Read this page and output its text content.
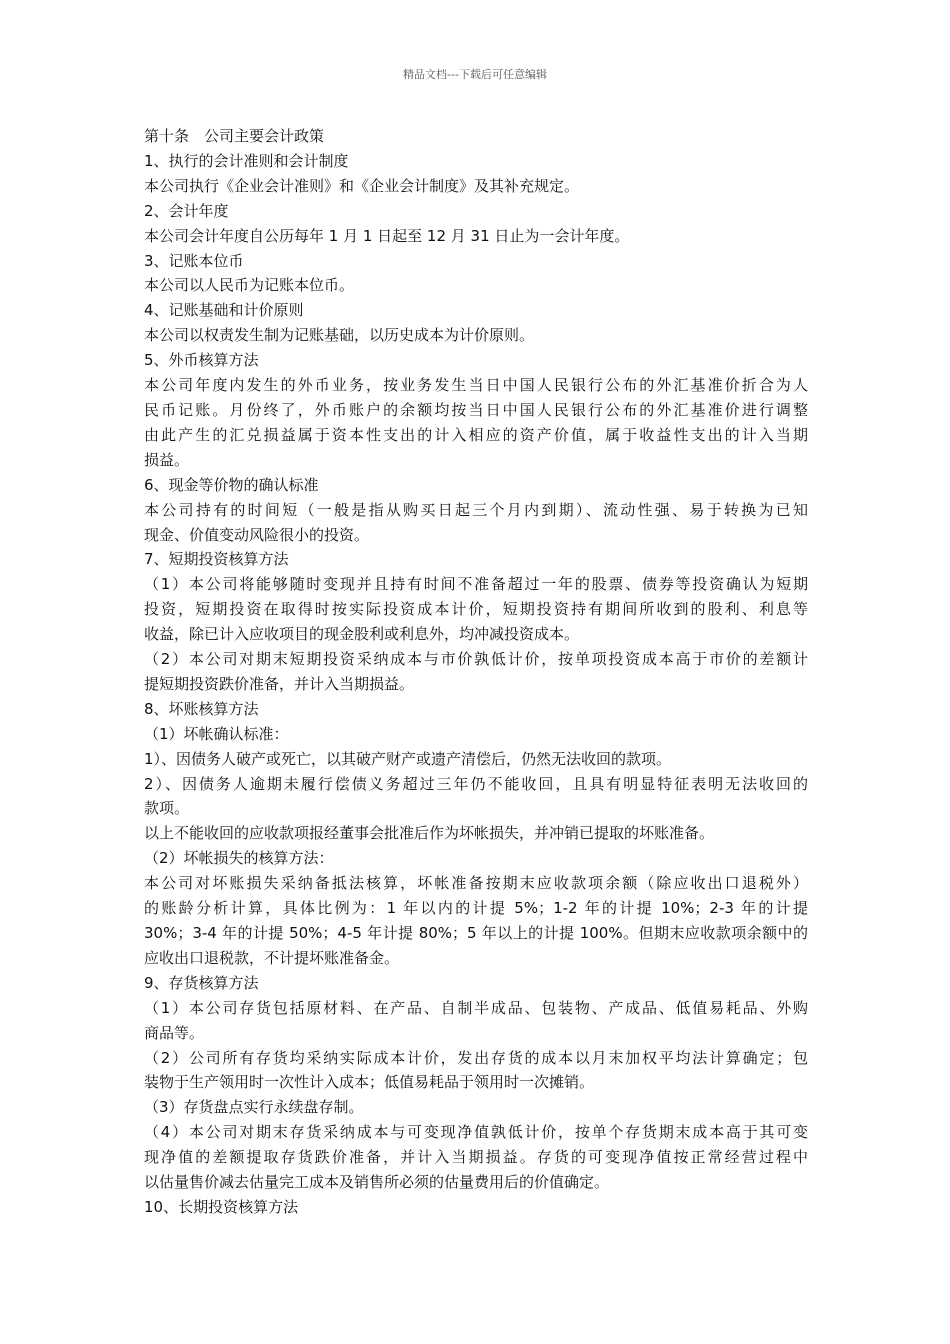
精品文档---下载后可任意编辑
第十条　公司主要会计政策
1、执行的会计准则和会计制度
本公司执行《企业会计准则》和《企业会计制度》及其补充规定。
2、会计年度
本公司会计年度自公历每年 1 月 1 日起至 12 月 31 日止为一会计年度。
3、记账本位币
本公司以人民币为记账本位币。
4、记账基础和计价原则
本公司以权责发生制为记账基础，以历史成本为计价原则。
5、外币核算方法
本公司年度内发生的外币业务，按业务发生当日中国人民银行公布的外汇基准价折合为人
民币记账。月份终了，外币账户的余额均按当日中国人民银行公布的外汇基准价进行调整
由此产生的汇兑损益属于资本性支出的计入相应的资产价值，属于收益性支出的计入当期
损益。
6、现金等价物的确认标准
本公司持有的时间短（一般是指从购买日起三个月内到期）、流动性强、易于转换为已知
现金、价值变动风险很小的投资。
7、短期投资核算方法
（1）本公司将能够随时变现并且持有时间不准备超过一年的股票、债券等投资确认为短期
投资，短期投资在取得时按实际投资成本计价，短期投资持有期间所收到的股利、利息等
收益，除已计入应收项目的现金股利或利息外，均冲减投资成本。
（2）本公司对期末短期投资采纳成本与市价孰低计价，按单项投资成本高于市价的差额计
提短期投资跌价准备，并计入当期损益。
8、坏账核算方法
（1）坏帐确认标准：
1）、因债务人破产或死亡，以其破产财产或遗产清偿后，仍然无法收回的款项。
2）、因债务人逾期未履行偿债义务超过三年仍不能收回，且具有明显特征表明无法收回的
款项。
以上不能收回的应收款项报经董事会批准后作为坏帐损失，并冲销已提取的坏账准备。
（2）坏帐损失的核算方法：
本公司对坏账损失采纳备抵法核算，坏帐准备按期末应收款项余额（除应收出口退税外）
的账龄分析计算，具体比例为：1 年以内的计提 5%；1-2 年的计提 10%；2-3 年的计提
30%；3-4 年的计提 50%；4-5 年计提 80%；5 年以上的计提 100%。但期末应收款项余额中的
应收出口退税款，不计提坏账准备金。
9、存货核算方法
（1）本公司存货包括原材料、在产品、自制半成品、包装物、产成品、低值易耗品、外购
商品等。
（2）公司所有存货均采纳实际成本计价，发出存货的成本以月末加权平均法计算确定；包
装物于生产领用时一次性计入成本；低值易耗品于领用时一次摊销。
（3）存货盘点实行永续盘存制。
（4）本公司对期末存货采纳成本与可变现净值孰低计价，按单个存货期末成本高于其可变
现净值的差额提取存货跌价准备，并计入当期损益。存货的可变现净值按正常经营过程中
以估量售价减去估量完工成本及销售所必须的估量费用后的价值确定。
10、长期投资核算方法
